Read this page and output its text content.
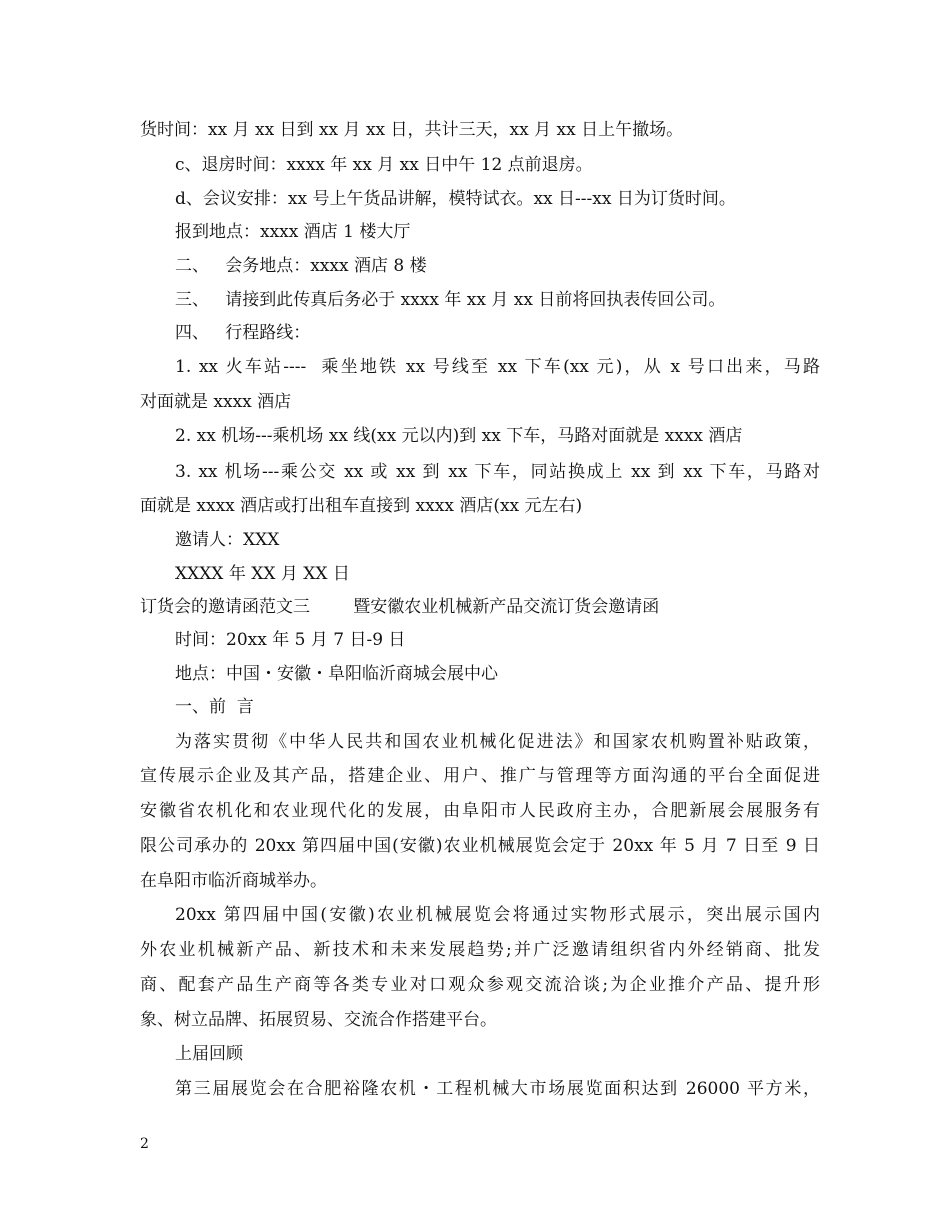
货时间：xx 月 xx 日到 xx 月 xx 日，共计三天，xx 月 xx 日上午撤场。
c、退房时间：xxxx 年 xx 月 xx 日中午 12 点前退房。
d、会议安排：xx 号上午货品讲解，模特试衣。xx 日---xx 日为订货时间。
报到地点：xxxx 酒店 1 楼大厅
二、   会务地点：xxxx 酒店 8 楼
三、   请接到此传真后务必于 xxxx 年 xx 月 xx 日前将回执表传回公司。
四、   行程路线：
1. xx 火车站----  乘坐地铁 xx 号线至 xx 下车(xx 元)，从 x 号口出来，马路
对面就是 xxxx 酒店
2. xx 机场---乘机场 xx 线(xx 元以内)到 xx 下车，马路对面就是 xxxx 酒店
3. xx 机场---乘公交 xx 或 xx 到 xx 下车，同站换成上 xx 到 xx 下车，马路对
面就是 xxxx 酒店或打出租车直接到 xxxx 酒店(xx 元左右)
邀请人：XXX
XXXX 年 XX 月 XX 日
订货会的邀请函范文三        暨安徽农业机械新产品交流订货会邀请函
时间：20xx 年 5 月 7 日-9 日
地点：中国・安徽・阜阳临沂商城会展中心
一、前  言
为落实贯彻《中华人民共和国农业机械化促进法》和国家农机购置补贴政策，
宣传展示企业及其产品，搭建企业、用户、推广与管理等方面沟通的平台全面促进
安徽省农机化和农业现代化的发展，由阜阳市人民政府主办，合肥新展会展服务有
限公司承办的 20xx 第四届中国(安徽)农业机械展览会定于 20xx 年 5 月 7 日至 9 日
在阜阳市临沂商城举办。
20xx 第四届中国(安徽)农业机械展览会将通过实物形式展示，突出展示国内
外农业机械新产品、新技术和未来发展趋势;并广泛邀请组织省内外经销商、批发
商、配套产品生产商等各类专业对口观众参观交流洽谈;为企业推介产品、提升形
象、树立品牌、拓展贸易、交流合作搭建平台。
上届回顾
第三届展览会在合肥裕隆农机・工程机械大市场展览面积达到 26000 平方米，
2
